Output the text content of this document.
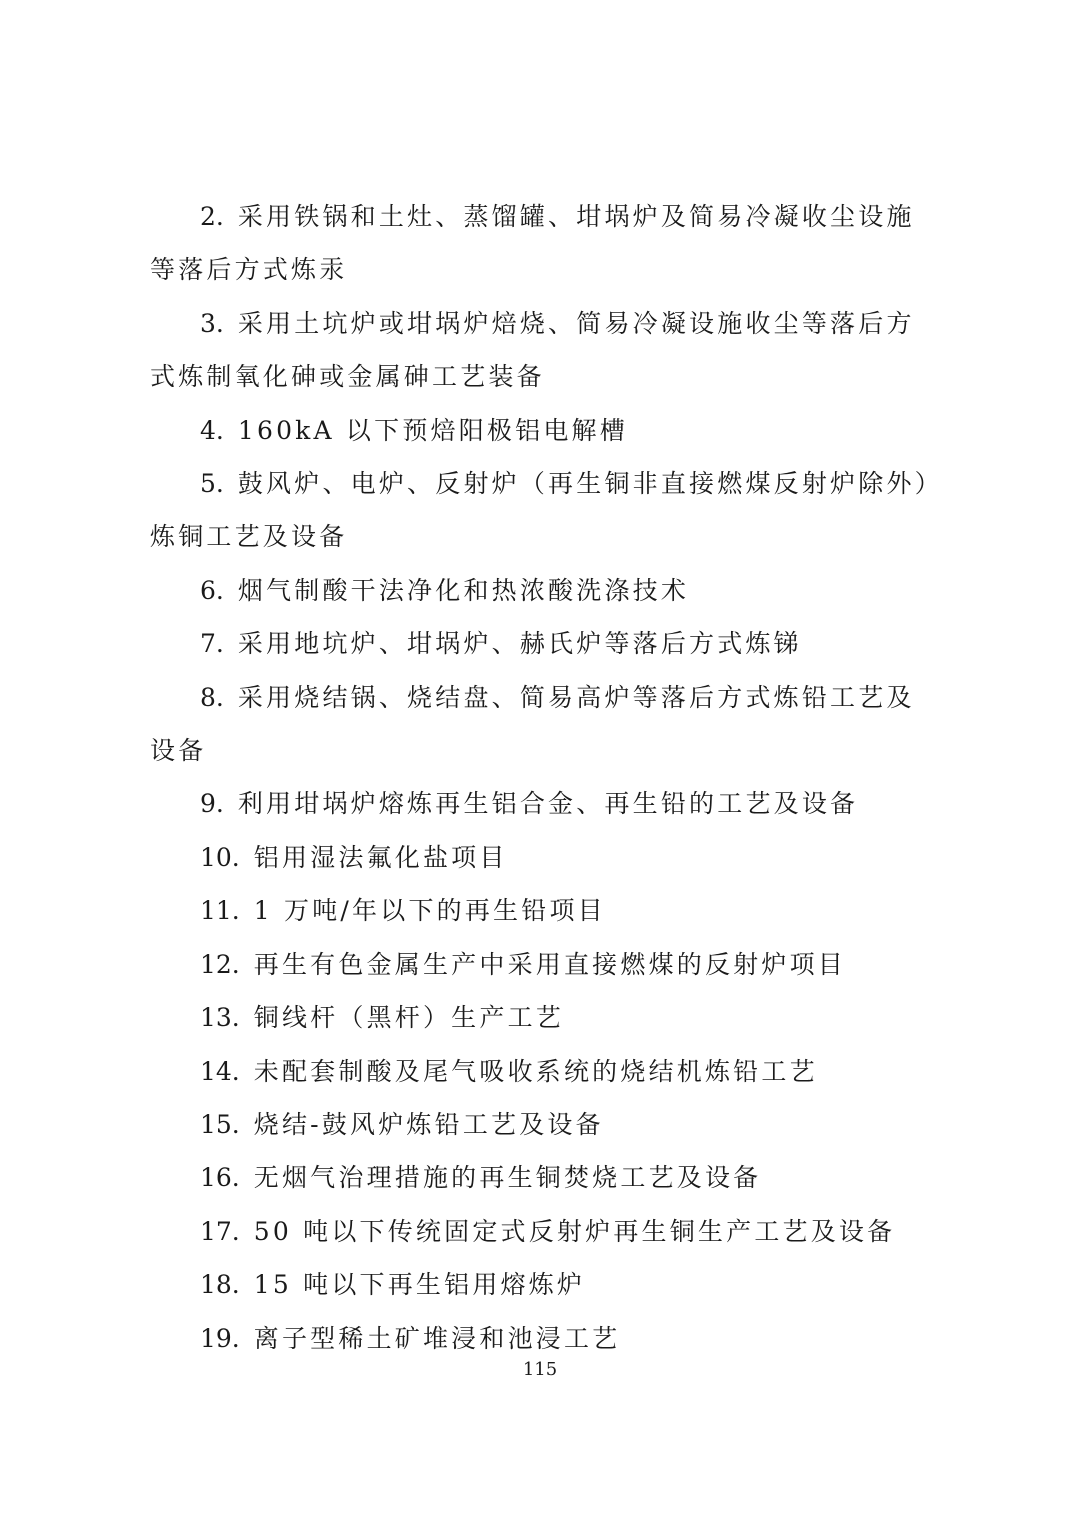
2. 采用铁锅和土灶、蒸馏罐、坩埚炉及简易冷凝收尘设施等落后方式炼汞

3. 采用土坑炉或坩埚炉焙烧、简易冷凝设施收尘等落后方式炼制氧化砷或金属砷工艺装备

4. 160kA 以下预焙阳极铝电解槽

5. 鼓风炉、电炉、反射炉（再生铜非直接燃煤反射炉除外）炼铜工艺及设备

6. 烟气制酸干法净化和热浓酸洗涤技术

7. 采用地坑炉、坩埚炉、赫氏炉等落后方式炼锑

8. 采用烧结锅、烧结盘、简易高炉等落后方式炼铅工艺及设备

9. 利用坩埚炉熔炼再生铝合金、再生铅的工艺及设备

10. 铝用湿法氟化盐项目

11. 1 万吨/年以下的再生铅项目

12. 再生有色金属生产中采用直接燃煤的反射炉项目

13. 铜线杆（黑杆）生产工艺

14. 未配套制酸及尾气吸收系统的烧结机炼铅工艺

15. 烧结-鼓风炉炼铅工艺及设备

16. 无烟气治理措施的再生铜焚烧工艺及设备

17. 50 吨以下传统固定式反射炉再生铜生产工艺及设备

18. 15 吨以下再生铝用熔炼炉

19. 离子型稀土矿堆浸和池浸工艺

115
